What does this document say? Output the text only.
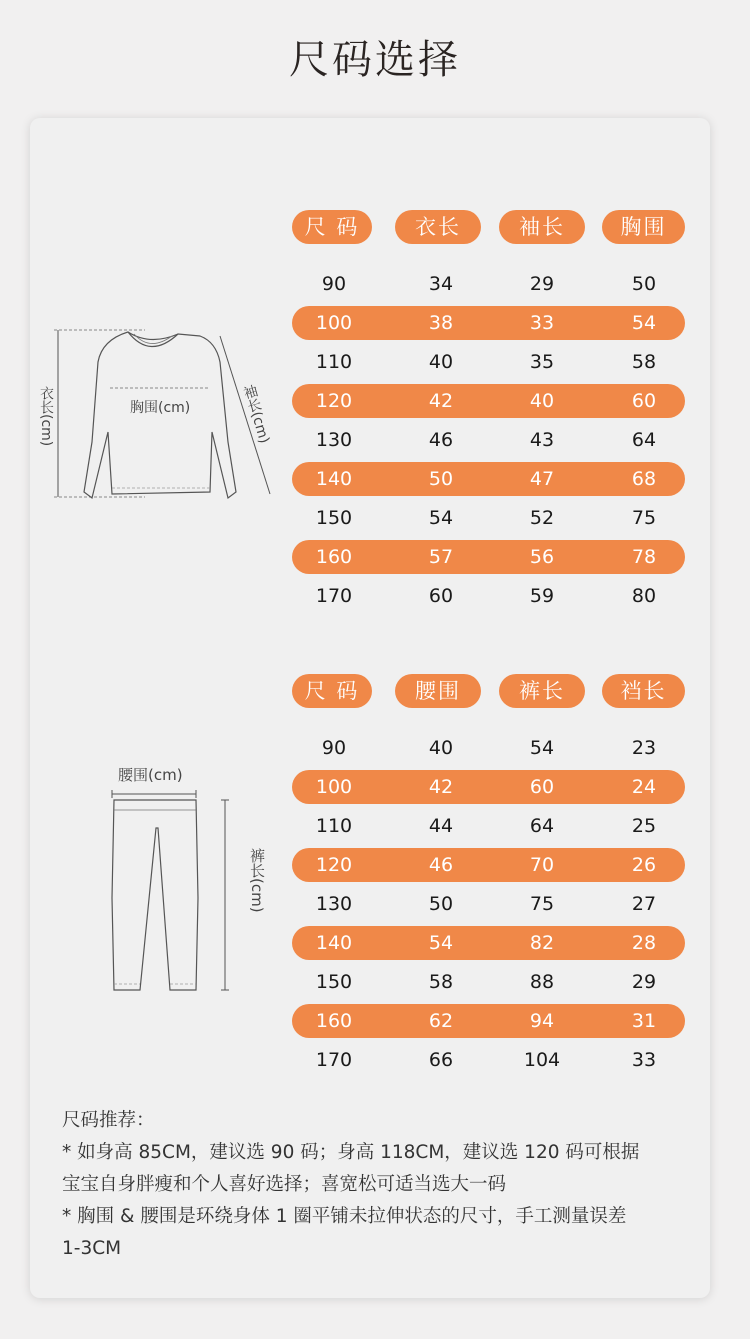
尺码选择
衣长(cm)	胸围(cm)	袖长(cm)
尺 码	衣长	袖长	胸围
90	34	29	50
100	38	33	54
110	40	35	58
120	42	40	60
130	46	43	64
140	50	47	68
150	54	52	75
160	57	56	78
170	60	59	80
腰围(cm)
裤长(cm)
尺 码	腰围	裤长	裆长
90	40	54	23
100	42	60	24
110	44	64	25
120	46	70	26
130	50	75	27
140	54	82	28
150	58	88	29
160	62	94	31
170	66	104	33
尺码推荐：
* 如身高 85CM，建议选 90 码；身高 118CM，建议选 120 码可根据
宝宝自身胖瘦和个人喜好选择；喜宽松可适当选大一码
* 胸围 & 腰围是环绕身体 1 圈平铺未拉伸状态的尺寸，手工测量误差
1-3CM
